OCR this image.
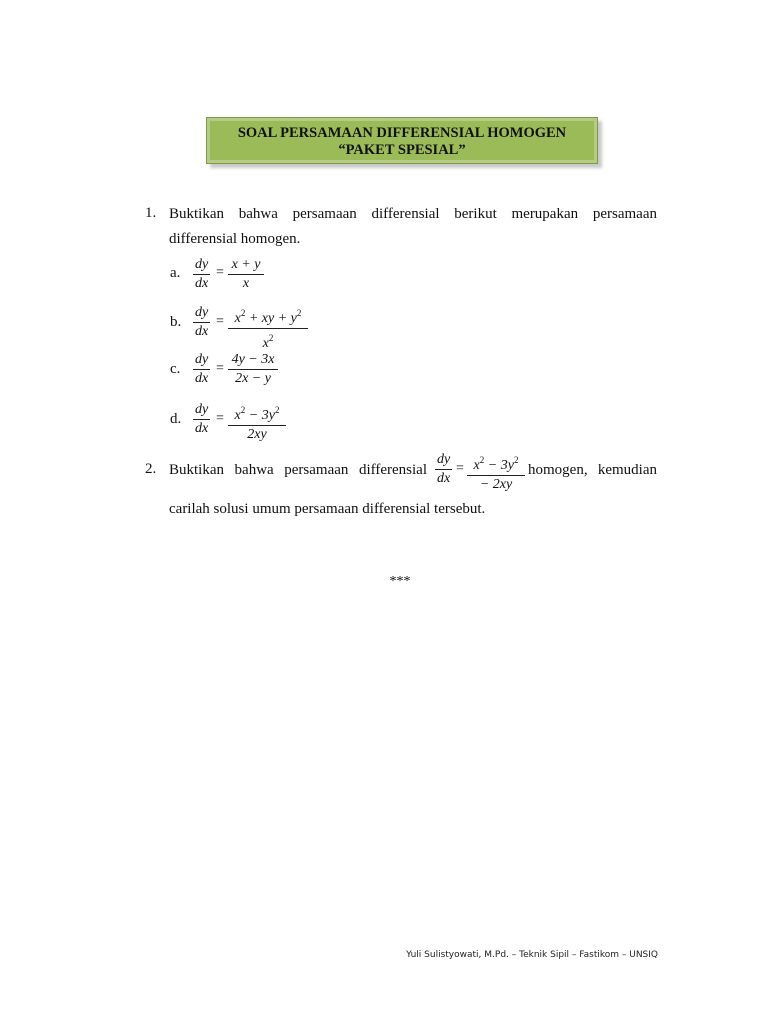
SOAL PERSAMAAN DIFFERENSIAL HOMOGEN
“PAKET SPESIAL”
1. Buktikan bahwa persamaan differensial berikut merupakan persamaan
differensial homogen.
a.
dy
dx
=
x + y
x
b.
dy
dx
= $x^2$ + xy + $y^2$
$x^2$
c.
dy
dx
=
4y − 3x
2x − y
d.
dy
dx
= $x^2 - 3y^2$
2xy
2. Buktikan bahwa persamaan differensial
dy
dx
= $x^2 - 3y^2$
− 2xy
homogen, kemudian
carilah solusi umum persamaan differensial tersebut.
***
Yuli Sulistyowati, M.Pd. – Teknik Sipil – Fastikom – UNSIQ
